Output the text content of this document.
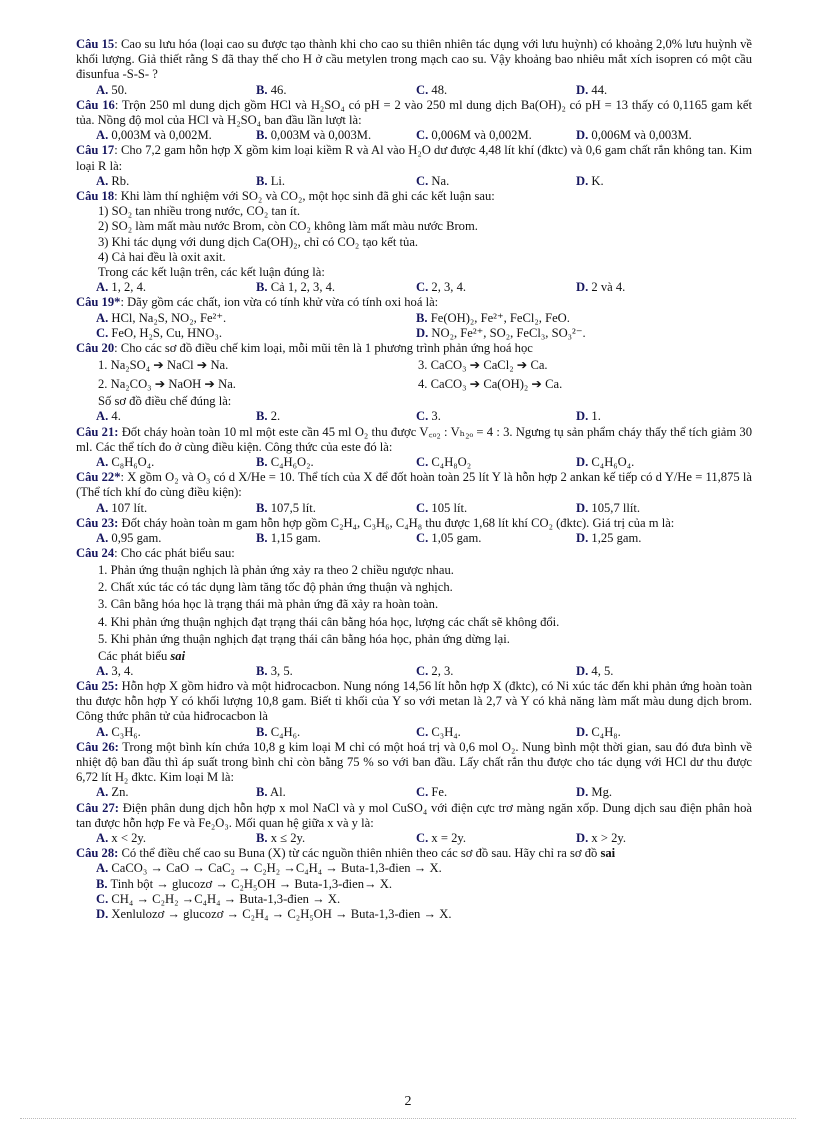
Câu 15: Cao su lưu hóa (loại cao su được tạo thành khi cho cao su thiên nhiên tác dụng với lưu huỳnh) có khoảng 2,0% lưu huỳnh về khối lượng. Giả thiết rằng S đã thay thế cho H ở cầu metylen trong mạch cao su. Vậy khoảng bao nhiêu mắt xích isopren có một cầu đisunfua -S-S- ?

A. 50.	B. 46.	C. 48.	D. 44.

Câu 16: Trộn 250 ml dung dịch gồm HCl và H₂SO₄ có pH = 2 vào 250 ml dung dịch Ba(OH)₂ có pH = 13 thấy có 0,1165 gam kết tủa. Nồng độ mol của HCl và H₂SO₄ ban đầu lần lượt là:

A. 0,003M và 0,002M.	B. 0,003M và 0,003M.	C. 0,006M và 0,002M.	D. 0,006M và 0,003M.

Câu 17: Cho 7,2 gam hỗn hợp X gồm kim loại kiềm R và Al vào H₂O dư được 4,48 lít khí (đktc) và 0,6 gam chất rắn không tan. Kim loại R là:

A. Rb.	B. Li.	C. Na.	D. K.

Câu 18: Khi làm thí nghiệm với SO₂ và CO₂, một học sinh đã ghi các kết luận sau:

1) SO₂ tan nhiều trong nước, CO₂ tan ít.

2) SO₂ làm mất màu nước Brom, còn CO₂ không làm mất màu nước Brom.

3) Khi tác dụng với dung dịch Ca(OH)₂, chỉ có CO₂ tạo kết tủa.

4) Cả hai đều là oxit axit.

Trong các kết luận trên, các kết luận đúng là:

A. 1, 2, 4.	B. Cả 1, 2, 3, 4.	C. 2, 3, 4.	D. 2 và 4.

Câu 19*: Dãy gồm các chất, ion vừa có tính khử vừa có tính oxi hoá là:

A. HCl, Na₂S, NO₂, Fe²⁺.	B. Fe(OH)₂, Fe²⁺, FeCl₂, FeO.
C. FeO, H₂S, Cu, HNO₃.	D. NO₂, Fe²⁺, SO₂, FeCl₃, SO₃²⁻.

Câu 20: Cho các sơ đồ điều chế kim loại, mỗi mũi tên là 1 phương trình phản ứng hoá học

1. Na₂SO₄ ➔ NaCl ➔ Na.	3. CaCO₃ ➔ CaCl₂ ➔ Ca.
2. Na₂CO₃ ➔ NaOH ➔ Na.	4. CaCO₃ ➔ Ca(OH)₂ ➔ Ca.

Số sơ đồ điều chế đúng là:

A. 4.	B. 2.	C. 3.	D. 1.

Câu 21: Đốt cháy hoàn toàn 10 ml một este cần 45 ml O₂ thu được V꜀ₒ₂ : Vₕ₂ₒ = 4 : 3. Ngưng tụ sản phẩm cháy thấy thể tích giảm 30 ml. Các thể tích đo ở cùng điều kiện. Công thức của este đó là:

A. C₈H₆O₄.	B. C₄H₆O₂.	C. C₄H₈O₂	D. C₄H₆O₄.

Câu 22*: X gồm O₂ và O₃ có d X/He = 10. Thể tích của X để đốt hoàn toàn 25 lít Y là hỗn hợp 2 ankan kế tiếp có d Y/He = 11,875 là (Thể tích khí đo cùng điều kiện):

A. 107 lít.	B. 107,5 lít.	C. 105 lít.	D. 105,7 llít.

Câu 23: Đốt cháy hoàn toàn m gam hỗn hợp gồm C₂H₄, C₃H₆, C₄H₈ thu được 1,68 lít khí CO₂ (đktc). Giá trị của m là:

A. 0,95 gam.	B. 1,15 gam.	C. 1,05 gam.	D. 1,25 gam.

Câu 24: Cho các phát biểu sau:

1. Phản ứng thuận nghịch là phản ứng xảy ra theo 2 chiều ngược nhau.
2. Chất xúc tác có tác dụng làm tăng tốc độ phản ứng thuận và nghịch.
3. Cân bằng hóa học là trạng thái mà phản ứng đã xảy ra hoàn toàn.
4. Khi phản ứng thuận nghịch đạt trạng thái cân bằng hóa học, lượng các chất sẽ không đổi.
5. Khi phản ứng thuận nghịch đạt trạng thái cân bằng hóa học, phản ứng dừng lại.

Các phát biểu sai

A. 3, 4.	B. 3, 5.	C. 2, 3.	D. 4, 5.

Câu 25: Hỗn hợp X gồm hiđro và một hiđrocacbon. Nung nóng 14,56 lít hỗn hợp X (đktc), có Ni xúc tác đến khi phản ứng hoàn toàn thu được hỗn hợp Y có khối lượng 10,8 gam. Biết tỉ khối của Y so với metan là 2,7 và Y có khả năng làm mất màu dung dịch brom. Công thức phân tử của hiđrocacbon là

A. C₃H₆.	B. C₄H₆.	C. C₃H₄.	D. C₄H₈.

Câu 26: Trong một bình kín chứa 10,8 g kim loại M chỉ có một hoá trị và 0,6 mol O₂. Nung bình một thời gian, sau đó đưa bình về nhiệt độ ban đầu thì áp suất trong bình chỉ còn bằng 75 % so với ban đầu. Lấy chất rắn thu được cho tác dụng với HCl dư thu được 6,72 lít H₂ đktc. Kim loại M là:

A. Zn.	B. Al.	C. Fe.	D. Mg.

Câu 27: Điện phân dung dịch hỗn hợp x mol NaCl và y mol CuSO₄ với điện cực trơ màng ngăn xốp. Dung dịch sau điện phân hoà tan được hỗn hợp Fe và Fe₂O₃. Mối quan hệ giữa x và y là:

A. x < 2y.	B. x ≤ 2y.	C. x = 2y.	D. x > 2y.

Câu 28: Có thể điều chế cao su Buna (X) từ các nguồn thiên nhiên theo các sơ đồ sau. Hãy chỉ ra sơ đồ sai

A. CaCO₃ → CaO → CaC₂ → C₂H₂ →C₄H₄ → Buta-1,3-đien → X.
B. Tinh bột → glucozơ → C₂H₅OH → Buta-1,3-đien→ X.
C. CH₄ → C₂H₂ →C₄H₄ → Buta-1,3-đien → X.
D. Xenlulozơ → glucozơ → C₂H₄ → C₂H₅OH → Buta-1,3-đien → X.
2
